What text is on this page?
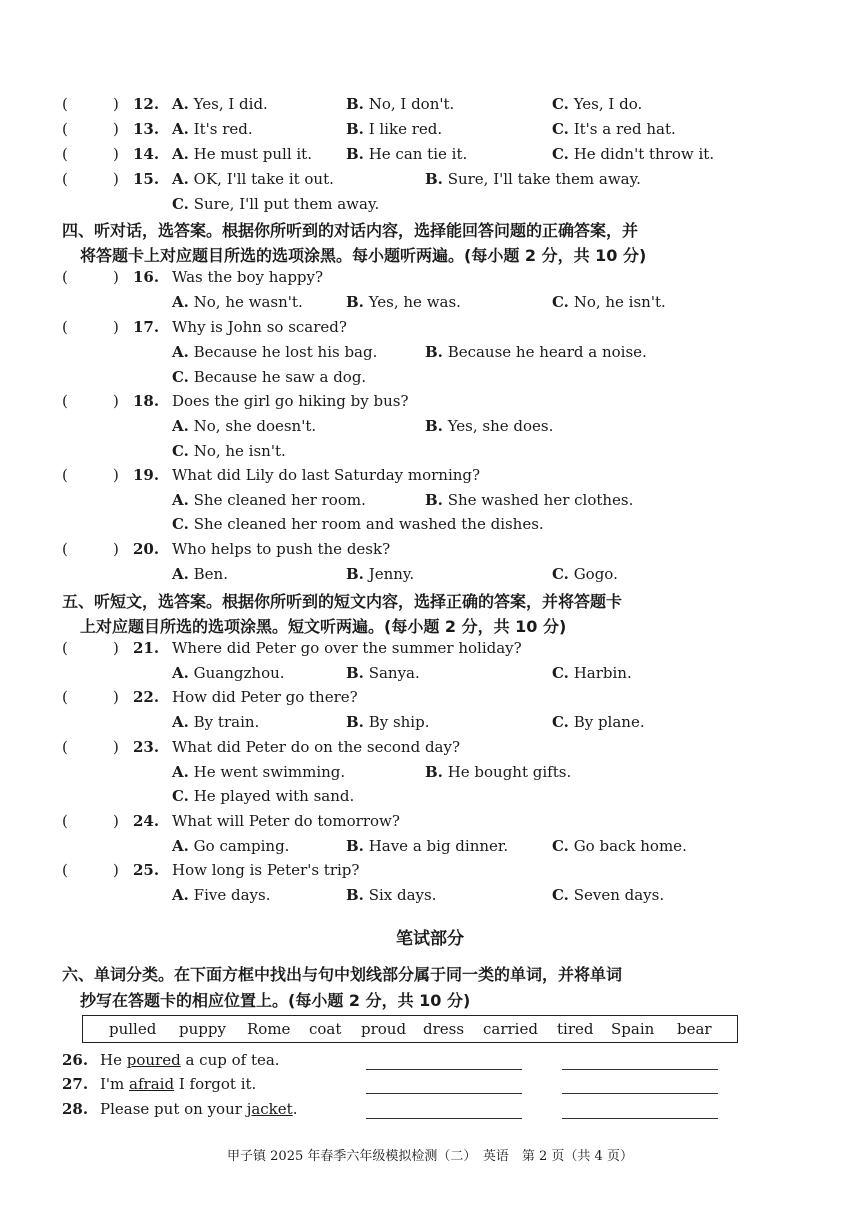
(	) 12. A. Yes, I did.	B. No, I don't.	C. Yes, I do.
(	) 13. A. It's red.	B. I like red.	C. It's a red hat.
(	) 14. A. He must pull it. B. He can tie it.	C. He didn't throw it.
(	) 15. A. OK, I'll take it out.	B. Sure, I'll take them away.
C. Sure, I'll put them away.
四、听对话，选答案。根据你所听到的对话内容，选择能回答问题的正确答案，并
将答题卡上对应题目所选的选项涂黑。每小题听两遍。(每小题 2 分，共 10 分)
(	) 16. Was the boy happy?
A. No, he wasn't.	B. Yes, he was.	C. No, he isn't.
(	) 17. Why is John so scared?
A. Because he lost his bag.	B. Because he heard a noise.
C. Because he saw a dog.
(	) 18. Does the girl go hiking by bus?
A. No, she doesn't.	B. Yes, she does.
C. No, he isn't.
(	) 19. What did Lily do last Saturday morning?
A. She cleaned her room.	B. She washed her clothes.
C. She cleaned her room and washed the dishes.
(	) 20. Who helps to push the desk?
A. Ben.	B. Jenny.	C. Gogo.
五、听短文，选答案。根据你所听到的短文内容，选择正确的答案，并将答题卡
上对应题目所选的选项涂黑。短文听两遍。(每小题 2 分，共 10 分)
(	) 21. Where did Peter go over the summer holiday?
A. Guangzhou.	B. Sanya.	C. Harbin.
(	) 22. How did Peter go there?
A. By train.	B. By ship.	C. By plane.
(	) 23. What did Peter do on the second day?
A. He went swimming.	B. He bought gifts.
C. He played with sand.
(	) 24. What will Peter do tomorrow?
A. Go camping.	B. Have a big dinner.	C. Go back home.
(	) 25. How long is Peter's trip?
A. Five days.	B. Six days.	C. Seven days.
笔试部分
六、单词分类。在下面方框中找出与句中划线部分属于同一类的单词，并将单词
抄写在答题卡的相应位置上。(每小题 2 分，共 10 分)
pulled puppy Rome coat proud dress carried tired Spain bear
26. He poured a cup of tea.
27. I'm afraid I forgot it.
28. Please put on your jacket.
甲子镇 2025 年春季六年级模拟检测（二）　英语　第 2 页（共 4 页）
